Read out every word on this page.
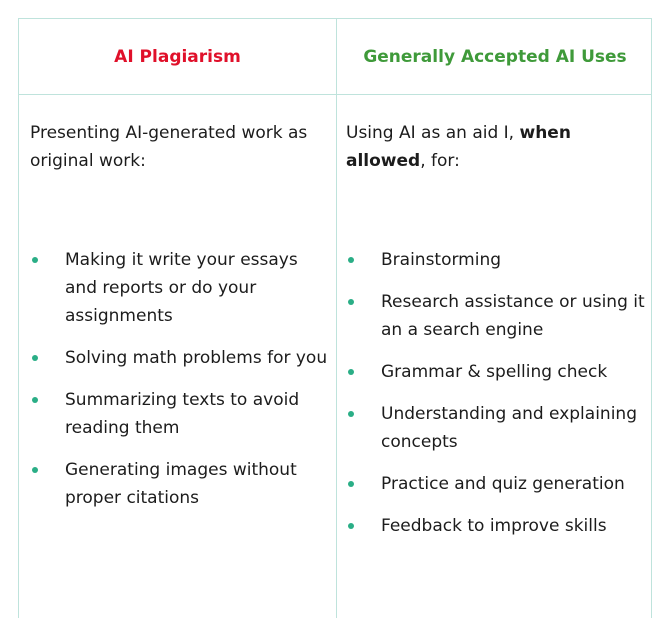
AI Plagiarism	Generally Accepted AI Uses

Presenting AI-generated work as original work:

Making it write your essays and reports or do your assignments
Solving math problems for you
Summarizing texts to avoid reading them
Generating images without proper citations

Using AI as an aid I, when allowed, for:

Brainstorming
Research assistance or using it an a search engine
Grammar & spelling check
Understanding and explaining concepts
Practice and quiz generation
Feedback to improve skills
